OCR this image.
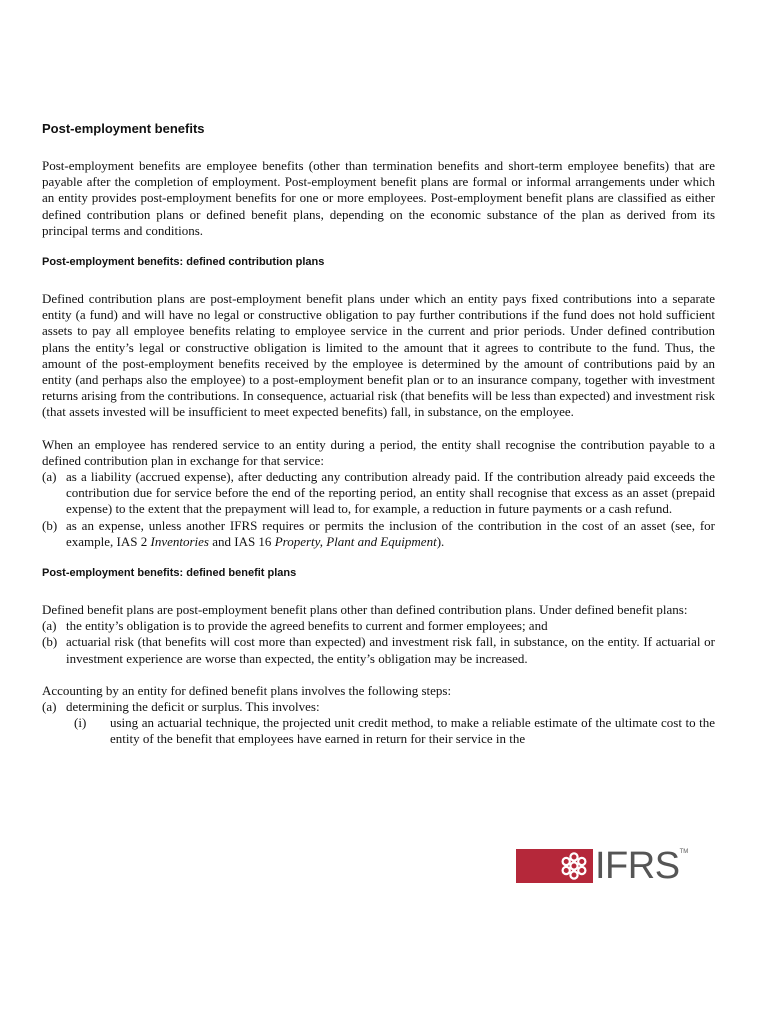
Post-employment benefits

Post-employment benefits are employee benefits (other than termination benefits and short-term employee benefits) that are payable after the completion of employment. Post-employment benefit plans are formal or informal arrangements under which an entity provides post-employment benefits for one or more employees. Post-employment benefit plans are classified as either defined contribution plans or defined benefit plans, depending on the economic substance of the plan as derived from its principal terms and conditions.

Post-employment benefits: defined contribution plans

Defined contribution plans are post-employment benefit plans under which an entity pays fixed contributions into a separate entity (a fund) and will have no legal or constructive obligation to pay further contributions if the fund does not hold sufficient assets to pay all employee benefits relating to employee service in the current and prior periods. Under defined contribution plans the entity’s legal or constructive obligation is limited to the amount that it agrees to contribute to the fund. Thus, the amount of the post-employment benefits received by the employee is determined by the amount of contributions paid by an entity (and perhaps also the employee) to a post-employment benefit plan or to an insurance company, together with investment returns arising from the contributions. In consequence, actuarial risk (that benefits will be less than expected) and investment risk (that assets invested will be insufficient to meet expected benefits) fall, in substance, on the employee.

When an employee has rendered service to an entity during a period, the entity shall recognise the contribution payable to a defined contribution plan in exchange for that service:

(a) as a liability (accrued expense), after deducting any contribution already paid. If the contribution already paid exceeds the contribution due for service before the end of the reporting period, an entity shall recognise that excess as an asset (prepaid expense) to the extent that the prepayment will lead to, for example, a reduction in future payments or a cash refund.
(b) as an expense, unless another IFRS requires or permits the inclusion of the contribution in the cost of an asset (see, for example, IAS 2 Inventories and IAS 16 Property, Plant and Equipment).
Post-employment benefits: defined benefit plans

Defined benefit plans are post-employment benefit plans other than defined contribution plans. Under defined benefit plans:

(a) the entity’s obligation is to provide the agreed benefits to current and former employees; and
(b) actuarial risk (that benefits will cost more than expected) and investment risk fall, in substance, on the entity. If actuarial or investment experience are worse than expected, the entity’s obligation may be increased.

Accounting by an entity for defined benefit plans involves the following steps:

(a) determining the deficit or surplus. This involves:
(i)	using an actuarial technique, the projected unit credit method, to make a reliable estimate of the ultimate cost to the entity of the benefit that employees have earned in return for their service in the
IFRS TM
